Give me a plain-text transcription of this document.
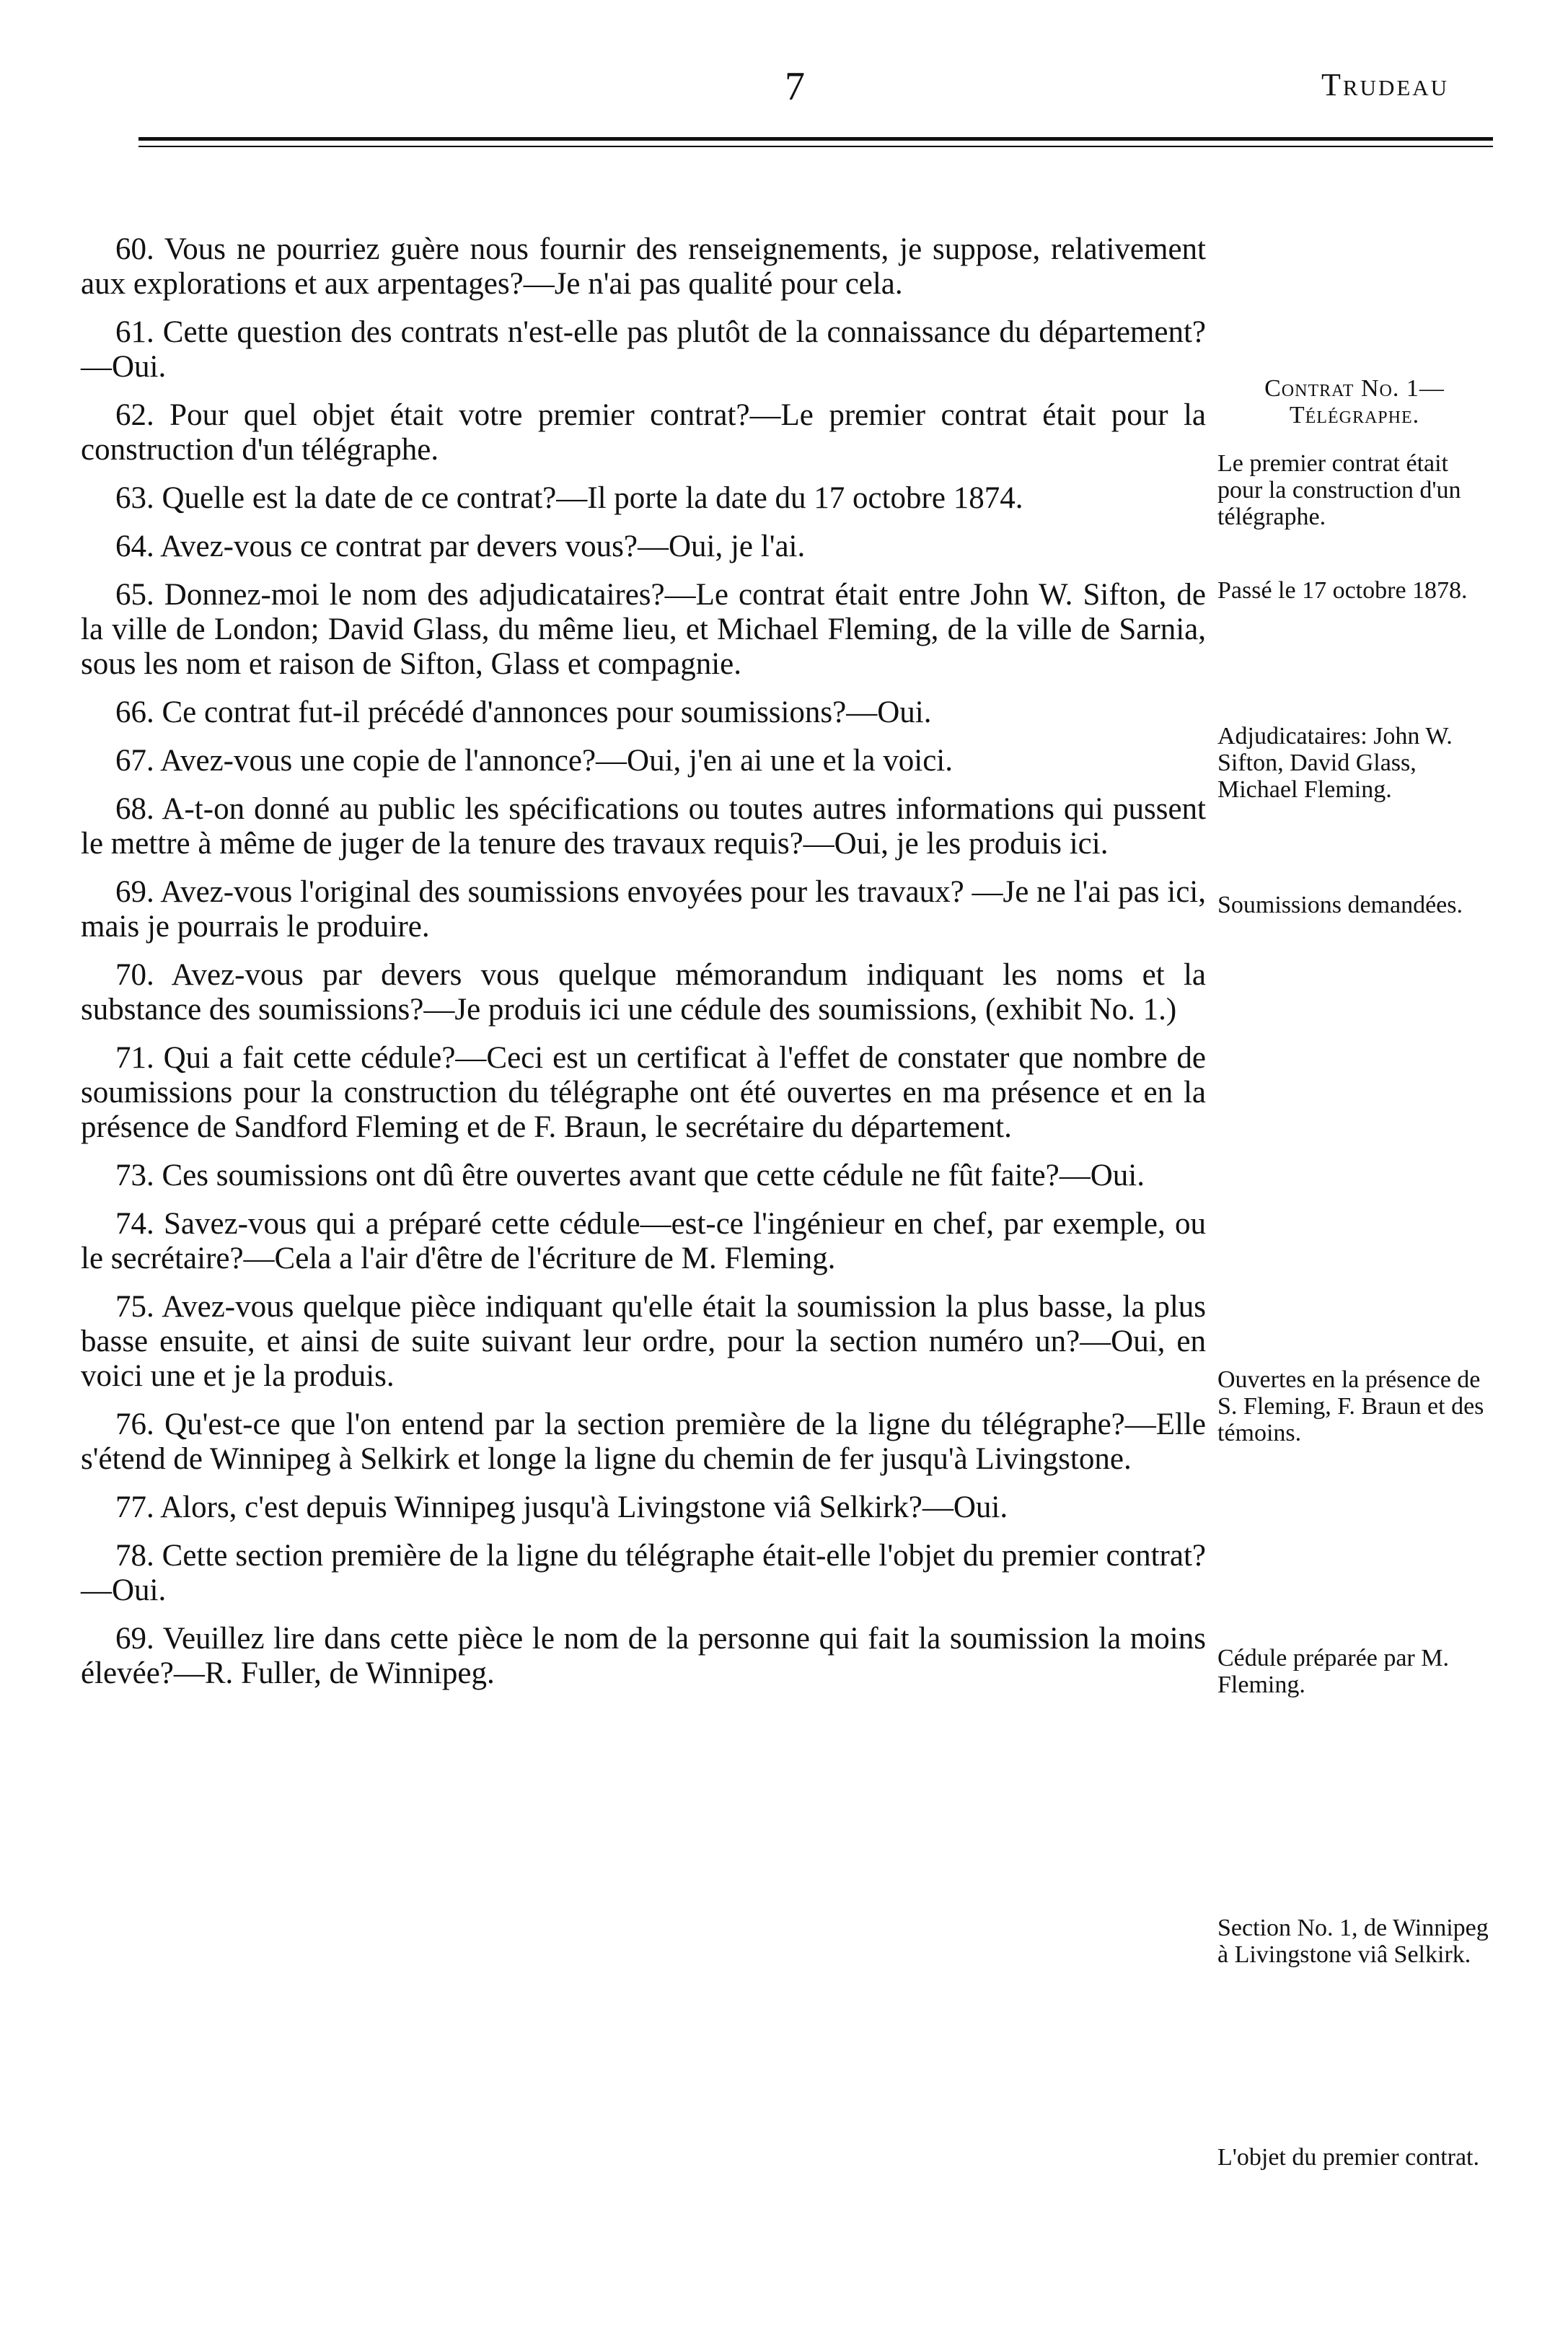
7	Trudeau

60. Vous ne pourriez guère nous fournir des renseignements, je suppose, relativement aux explorations et aux arpentages?—Je n'ai pas qualité pour cela.

61. Cette question des contrats n'est-elle pas plutôt de la connaissance du département?—Oui.

62. Pour quel objet était votre premier contrat?—Le premier contrat était pour la construction d'un télégraphe.

63. Quelle est la date de ce contrat?—Il porte la date du 17 octobre 1874.

64. Avez-vous ce contrat par devers vous?—Oui, je l'ai.

65. Donnez-moi le nom des adjudicataires?—Le contrat était entre John W. Sifton, de la ville de London; David Glass, du même lieu, et Michael Fleming, de la ville de Sarnia, sous les nom et raison de Sifton, Glass et compagnie.

66. Ce contrat fut-il précédé d'annonces pour soumissions?—Oui.

67. Avez-vous une copie de l'annonce?—Oui, j'en ai une et la voici.

68. A-t-on donné au public les spécifications ou toutes autres informations qui pussent le mettre à même de juger de la tenure des travaux requis?—Oui, je les produis ici.

69. Avez-vous l'original des soumissions envoyées pour les travaux? —Je ne l'ai pas ici, mais je pourrais le produire.

70. Avez-vous par devers vous quelque mémorandum indiquant les noms et la substance des soumissions?—Je produis ici une cédule des soumissions, (exhibit No. 1.)

71. Qui a fait cette cédule?—Ceci est un certificat à l'effet de constater que nombre de soumissions pour la construction du télégraphe ont été ouvertes en ma présence et en la présence de Sandford Fleming et de F. Braun, le secrétaire du département.

73. Ces soumissions ont dû être ouvertes avant que cette cédule ne fût faite?—Oui.

74. Savez-vous qui a préparé cette cédule—est-ce l'ingénieur en chef, par exemple, ou le secrétaire?—Cela a l'air d'être de l'écriture de M. Fleming.

75. Avez-vous quelque pièce indiquant qu'elle était la soumission la plus basse, la plus basse ensuite, et ainsi de suite suivant leur ordre, pour la section numéro un?—Oui, en voici une et je la produis.

76. Qu'est-ce que l'on entend par la section première de la ligne du télégraphe?—Elle s'étend de Winnipeg à Selkirk et longe la ligne du chemin de fer jusqu'à Livingstone.

77. Alors, c'est depuis Winnipeg jusqu'à Livingstone viâ Selkirk?—Oui.

78. Cette section première de la ligne du télégraphe était-elle l'objet du premier contrat?—Oui.

69. Veuillez lire dans cette pièce le nom de la personne qui fait la soumission la moins élevée?—R. Fuller, de Winnipeg.

Contrat No. 1—
Télégraphe.
Le premier contrat était pour la construction d'un télégraphe.
Passé le 17 octobre 1878.
Adjudicataires: John W. Sifton, David Glass, Michael Fleming.
Soumissions demandées.
Ouvertes en la présence de S. Fleming, F. Braun et des témoins.
Cédule préparée par M. Fleming.
Section No. 1, de Winnipeg à Livingstone viâ Selkirk.
L'objet du premier contrat.
